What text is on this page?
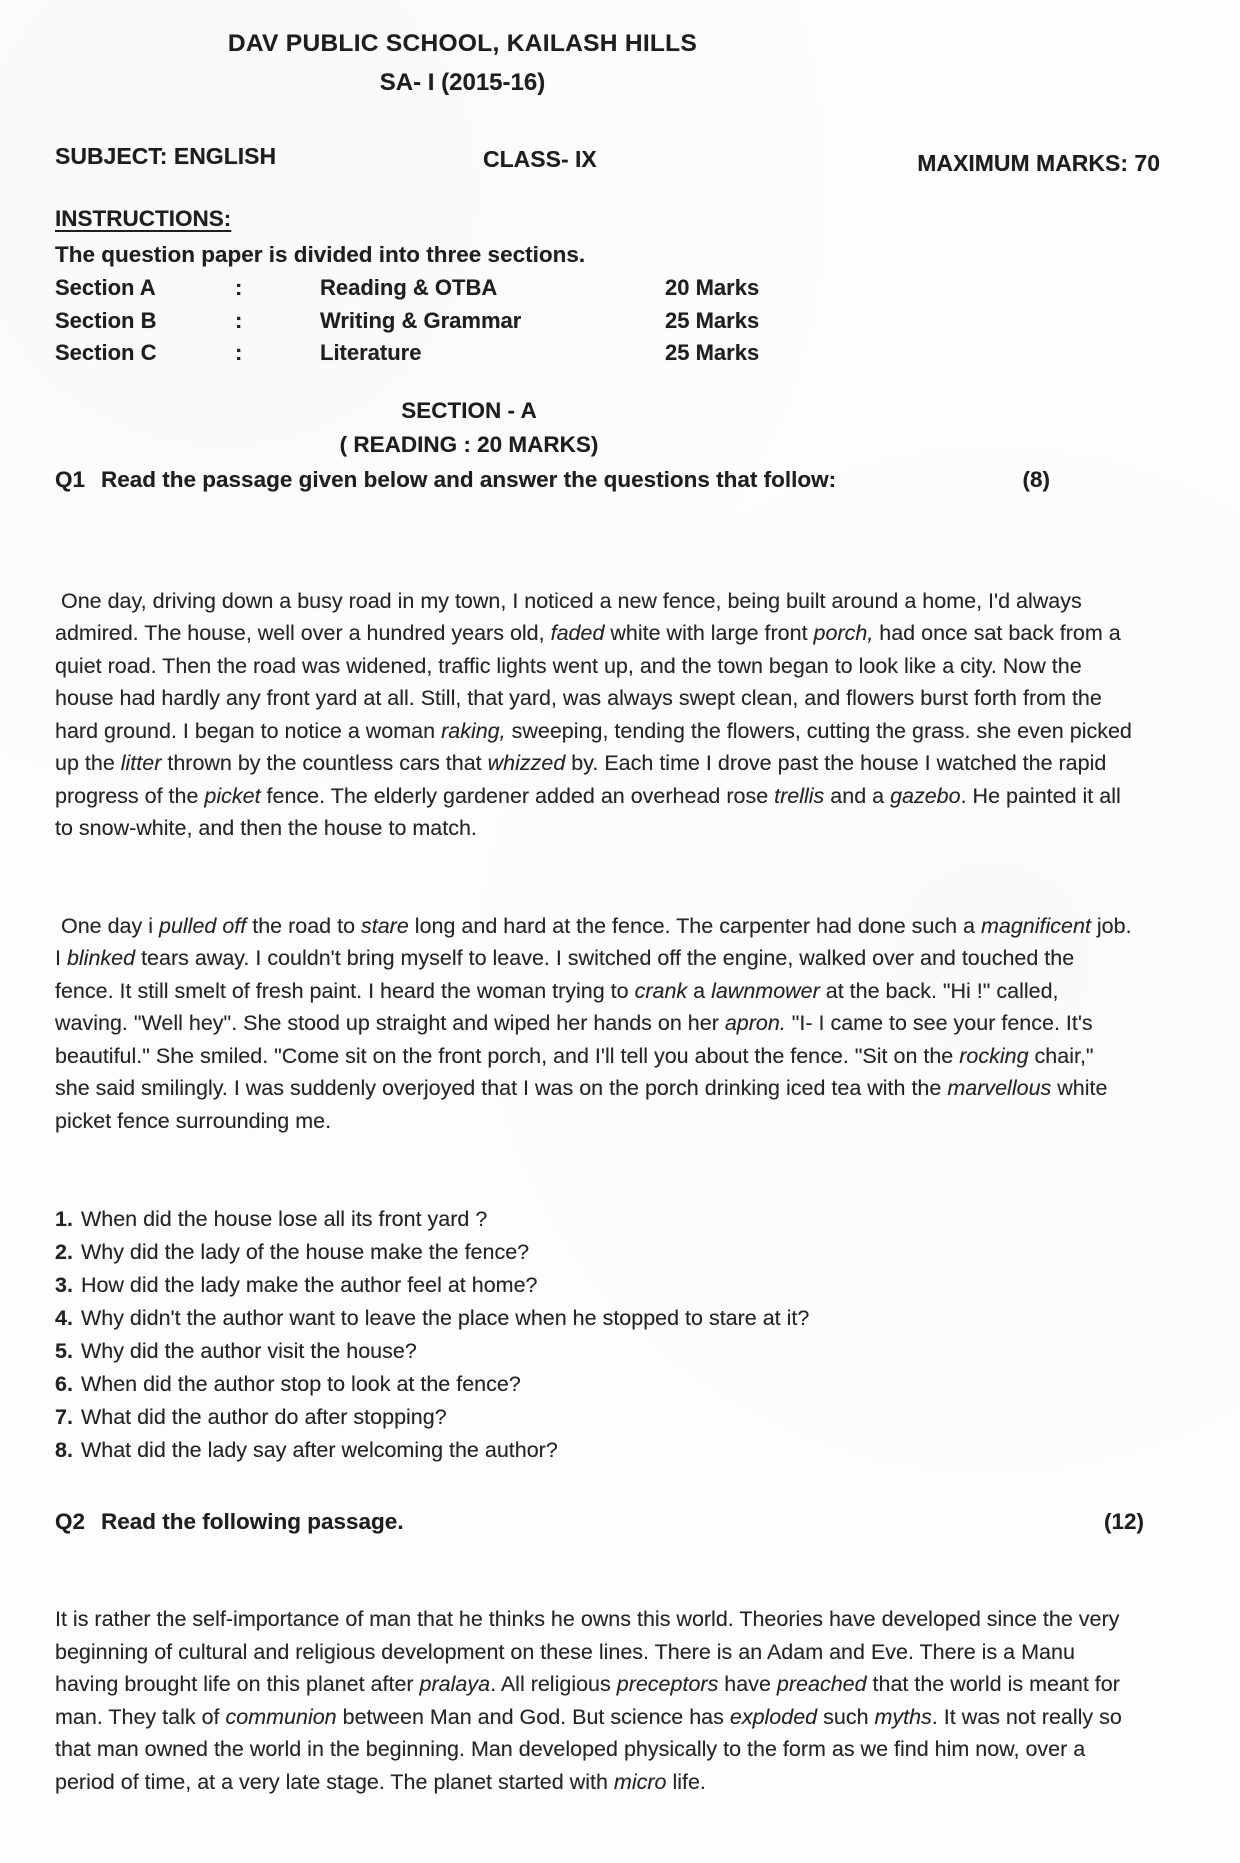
DAV PUBLIC SCHOOL, KAILASH HILLS
SA- I (2015-16)
SUBJECT: ENGLISH	CLASS- IX	MAXIMUM MARKS: 70
INSTRUCTIONS:
The question paper is divided into three sections.
Section A	:	Reading & OTBA	20 Marks
Section B	:	Writing & Grammar	25 Marks
Section C	:	Literature	25 Marks
SECTION - A
( READING : 20 MARKS)
Q1 Read the passage given below and answer the questions that follow:	(8)

One day, driving down a busy road in my town, I noticed a new fence, being built around a home, I'd always admired. The house, well over a hundred years old, faded white with large front porch, had once sat back from a quiet road. Then the road was widened, traffic lights went up, and the town began to look like a city. Now the house had hardly any front yard at all. Still, that yard, was always swept clean, and flowers burst forth from the hard ground. I began to notice a woman raking, sweeping, tending the flowers, cutting the grass. she even picked up the litter thrown by the countless cars that whizzed by. Each time I drove past the house I watched the rapid progress of the picket fence. The elderly gardener added an overhead rose trellis and a gazebo. He painted it all to snow-white, and then the house to match.

One day i pulled off the road to stare long and hard at the fence. The carpenter had done such a magnificent job. I blinked tears away. I couldn't bring myself to leave. I switched off the engine, walked over and touched the fence. It still smelt of fresh paint. I heard the woman trying to crank a lawnmower at the back. "Hi !" called, waving. "Well hey". She stood up straight and wiped her hands on her apron. "I- I came to see your fence. It's beautiful." She smiled. "Come sit on the front porch, and I'll tell you about the fence. "Sit on the rocking chair," she said smilingly. I was suddenly overjoyed that I was on the porch drinking iced tea with the marvellous white picket fence surrounding me.

1. When did the house lose all its front yard ?
2. Why did the lady of the house make the fence?
3. How did the lady make the author feel at home?
4. Why didn't the author want to leave the place when he stopped to stare at it?
5. Why did the author visit the house?
6. When did the author stop to look at the fence?
7. What did the author do after stopping?
8. What did the lady say after welcoming the author?
Q2 Read the following passage.	(12)

It is rather the self-importance of man that he thinks he owns this world. Theories have developed since the very beginning of cultural and religious development on these lines. There is an Adam and Eve. There is a Manu having brought life on this planet after pralaya. All religious preceptors have preached that the world is meant for man. They talk of communion between Man and God. But science has exploded such myths. It was not really so that man owned the world in the beginning. Man developed physically to the form as we find him now, over a period of time, at a very late stage. The planet started with micro life.
